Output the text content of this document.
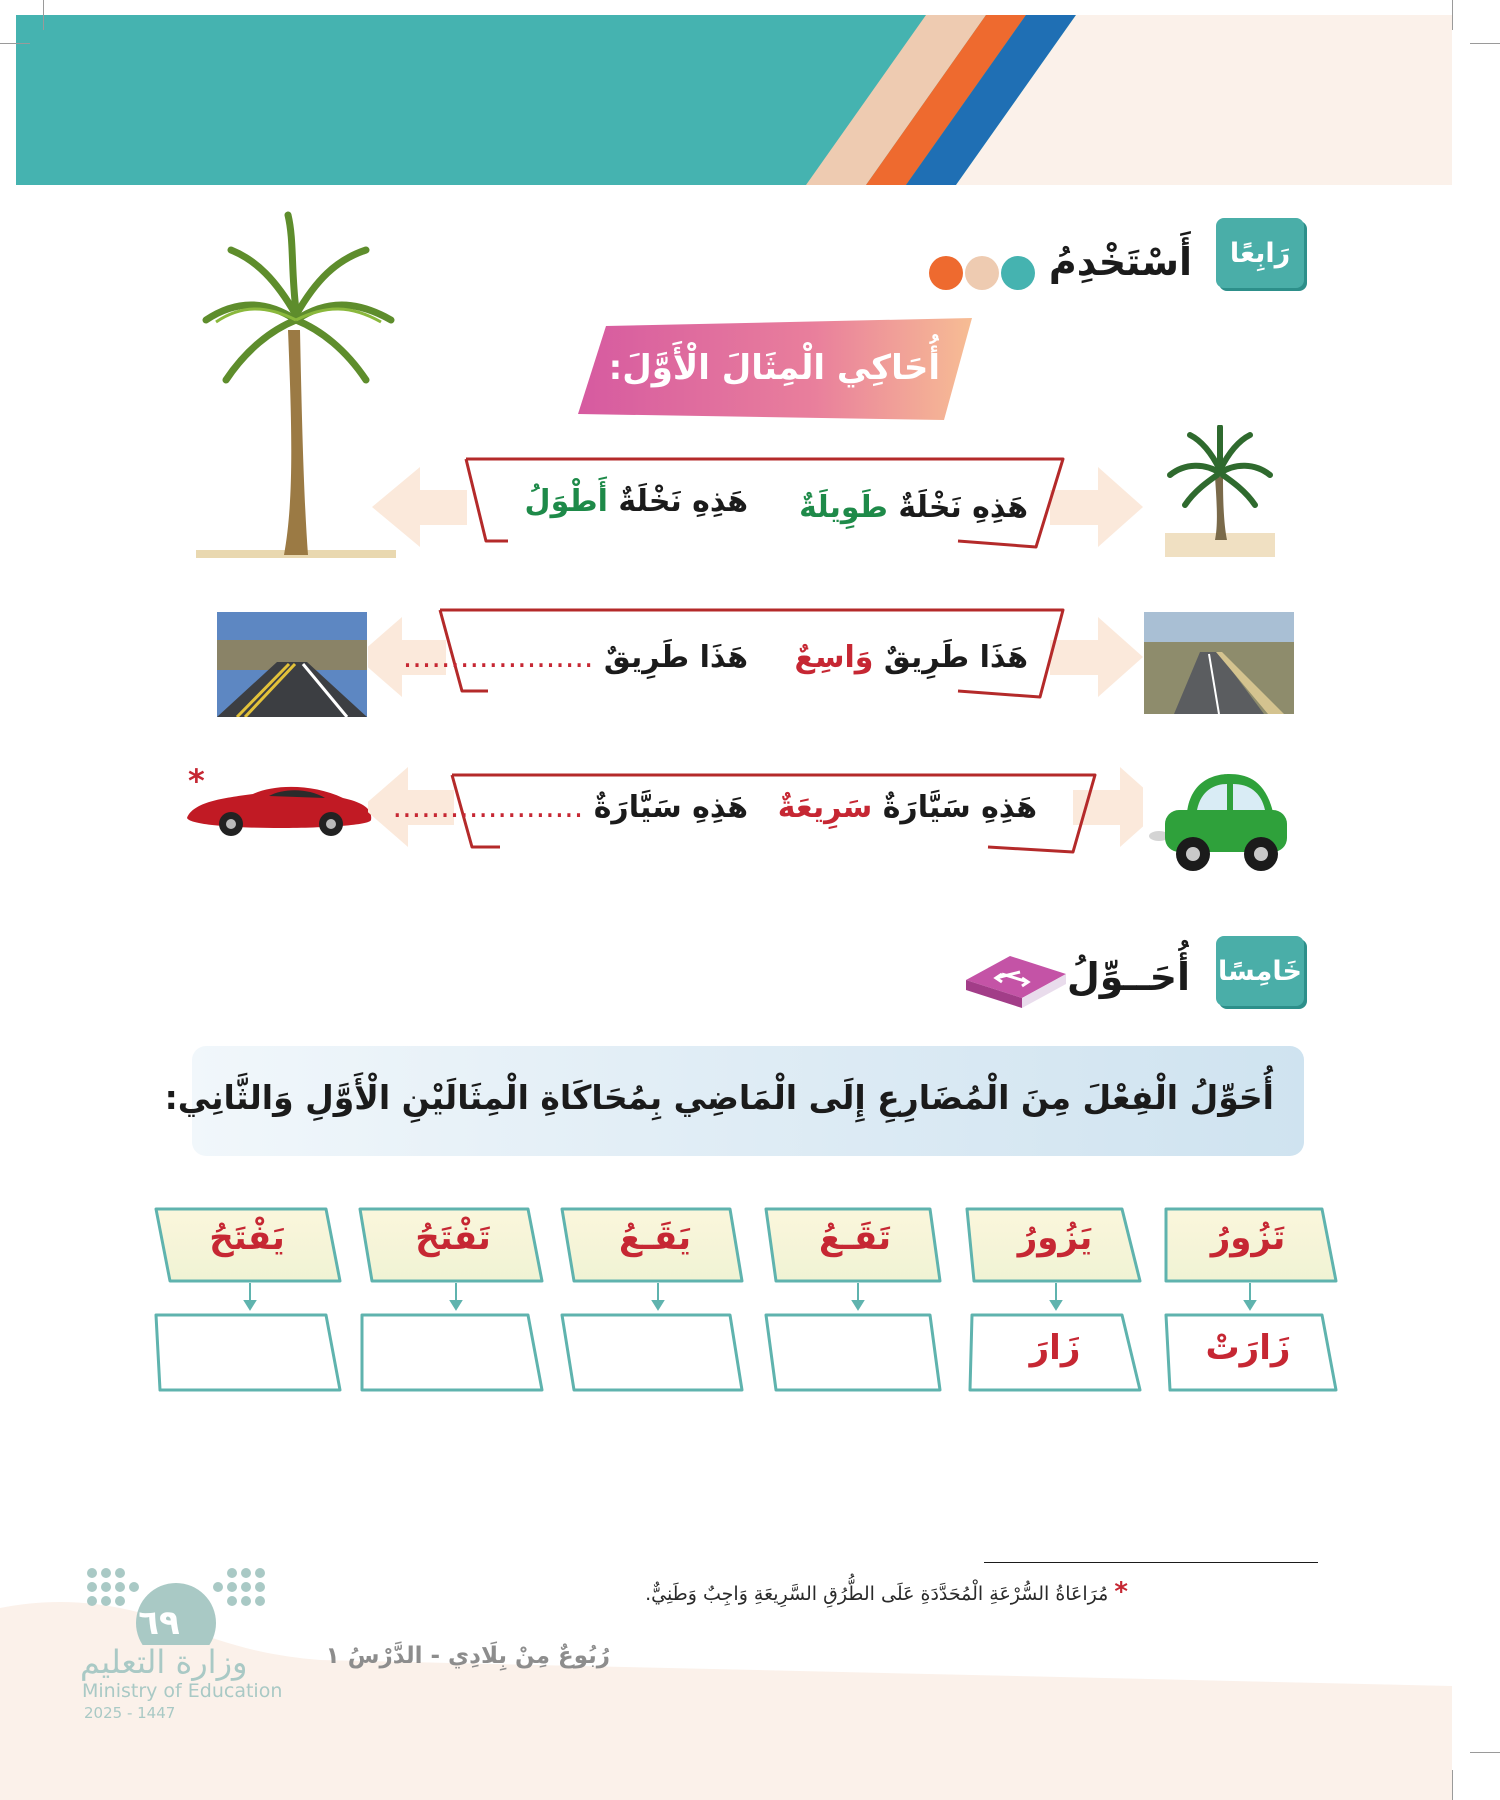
رَابِعًا
أَسْتَخْدِمُ
أُحَاكِي الْمِثَالَ الْأَوَّلَ:
*
هَذِهِ نَخْلَةٌ طَوِيلَةٌ
هَذِهِ نَخْلَةٌ أَطْوَلُ
هَذَا طَرِيقٌ وَاسِعٌ
هَذَا طَرِيقٌ ....................
هَذِهِ سَيَّارَةٌ سَرِيعَةٌ
هَذِهِ سَيَّارَةٌ ....................
خَامِسًا
أُحَــوِّلُ
أُحَوِّلُ الْفِعْلَ مِنَ الْمُضَارِعِ إِلَى الْمَاضِي بِمُحَاكَاةِ الْمِثَالَيْنِ الْأَوَّلِ وَالثَّانِي:
تَزُورُ
يَزُورُ
تَقَـعُ
يَقَـعُ
تَفْتَحُ
يَفْتَحُ
زَارَتْ
زَارَ
* مُرَاعَاةُ السُّرْعَةِ الْمُحَدَّدَةِ عَلَى الطُّرُقِ السَّرِيعَةِ وَاجِبٌ وَطَنِيٌّ.
رُبُوعٌ مِنْ بِلَادِي - الدَّرْسُ ١
٦٩
وزارة التعليم
Ministry of Education
2025 - 1447
